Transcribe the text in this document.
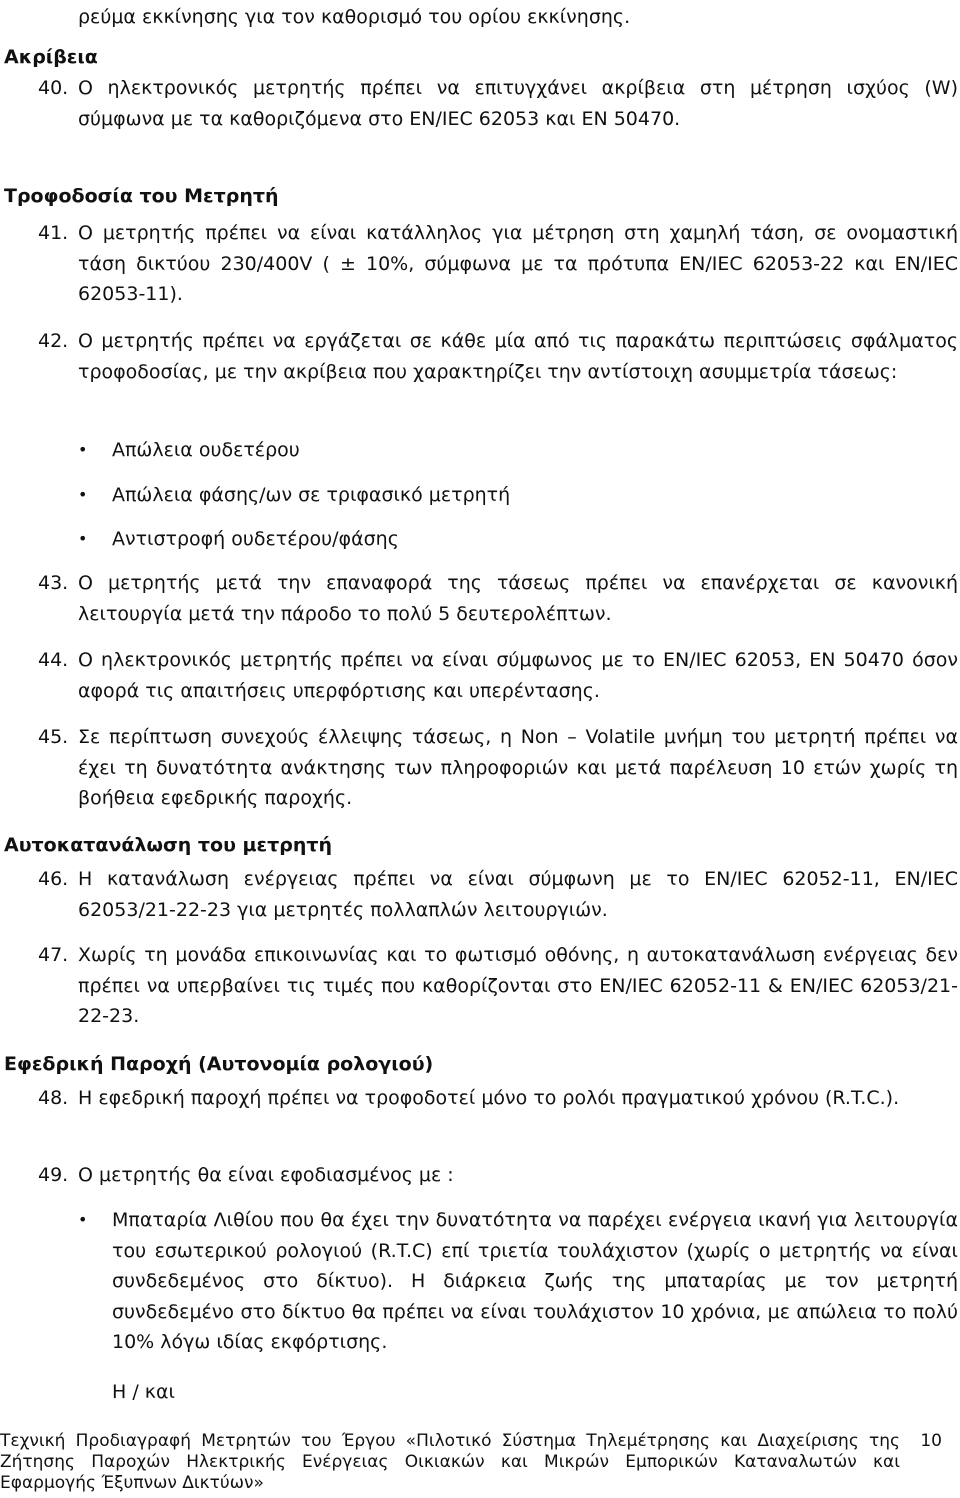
ρεύμα εκκίνησης για τον καθορισμό του ορίου εκκίνησης.

Ακρίβεια

40. Ο ηλεκτρονικός μετρητής πρέπει να επιτυγχάνει ακρίβεια στη μέτρηση ισχύος (W) σύμφωνα με τα καθοριζόμενα στο EN/IEC 62053 και EN 50470.

Τροφοδοσία του Μετρητή

41. Ο μετρητής πρέπει να είναι κατάλληλος για μέτρηση στη χαμηλή τάση, σε ονομαστική τάση δικτύου 230/400V ( ± 10%, σύμφωνα με τα πρότυπα EN/IEC 62053-22 και EN/IEC 62053-11).
42. Ο μετρητής πρέπει να εργάζεται σε κάθε μία από τις παρακάτω περιπτώσεις σφάλματος τροφοδοσίας, με την ακρίβεια που χαρακτηρίζει την αντίστοιχη ασυμμετρία τάσεως:
•	Απώλεια ουδετέρου
•	Απώλεια φάσης/ων σε τριφασικό μετρητή
•	Αντιστροφή ουδετέρου/φάσης
43. Ο μετρητής μετά την επαναφορά της τάσεως πρέπει να επανέρχεται σε κανονική λειτουργία μετά την πάροδο το πολύ 5 δευτερολέπτων.
44. Ο ηλεκτρονικός μετρητής πρέπει να είναι σύμφωνος με το EN/IEC 62053, EN 50470 όσον αφορά τις απαιτήσεις υπερφόρτισης και υπερέντασης.
45. Σε περίπτωση συνεχούς έλλειψης τάσεως, η Non – Volatile μνήμη του μετρητή πρέπει να έχει τη δυνατότητα ανάκτησης των πληροφοριών και μετά παρέλευση 10 ετών χωρίς τη βοήθεια εφεδρικής παροχής.

Αυτοκατανάλωση του μετρητή

46. Η κατανάλωση ενέργειας πρέπει να είναι σύμφωνη με το EN/IEC 62052-11, EN/IEC 62053/21-22-23 για μετρητές πολλαπλών λειτουργιών.
47. Χωρίς τη μονάδα επικοινωνίας και το φωτισμό οθόνης, η αυτοκατανάλωση ενέργειας δεν πρέπει να υπερβαίνει τις τιμές που καθορίζονται στο EN/IEC 62052-11 & EN/IEC 62053/21-22-23.

Εφεδρική Παροχή (Αυτονομία ρολογιού)

48. Η εφεδρική παροχή πρέπει να τροφοδοτεί μόνο το ρολόι πραγματικού χρόνου (R.T.C.).
49. Ο μετρητής θα είναι εφοδιασμένος με :
•	Μπαταρία Λιθίου που θα έχει την δυνατότητα να παρέχει ενέργεια ικανή για λειτουργία του εσωτερικού ρολογιού (R.T.C) επί τριετία τουλάχιστον (χωρίς ο μετρητής να είναι συνδεδεμένος στο δίκτυο). Η διάρκεια ζωής της μπαταρίας με τον μετρητή συνδεδεμένο στο δίκτυο θα πρέπει να είναι τουλάχιστον 10 χρόνια, με απώλεια το πολύ 10% λόγω ιδίας εκφόρτισης.

Η / και

Τεχνική Προδιαγραφή Μετρητών του Έργου «Πιλοτικό Σύστημα Τηλεμέτρησης και Διαχείρισης της Ζήτησης Παροχών Ηλεκτρικής Ενέργειας Οικιακών και Μικρών Εμπορικών Καταναλωτών και Εφαρμογής Έξυπνων Δικτύων»
10
